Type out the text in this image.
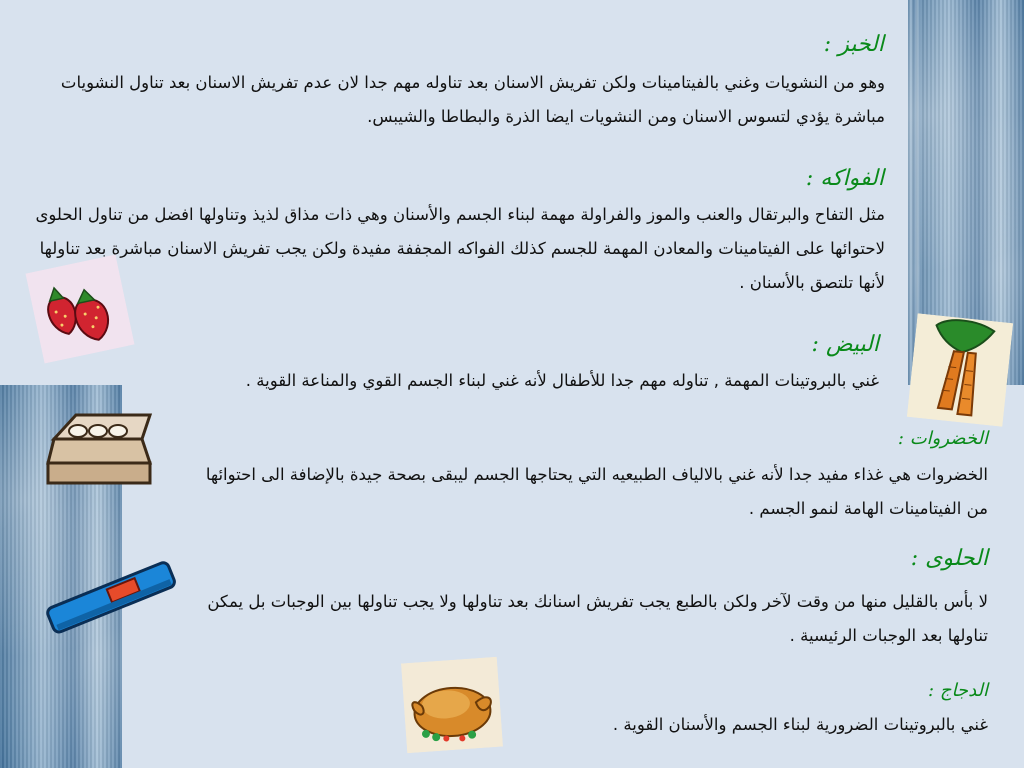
الخبز :
وهو من النشويات وغني بالفيتامينات ولكن تفريش الاسنان بعد تناوله مهم جدا لان عدم تفريش الاسنان بعد تناول النشويات مباشرة يؤدي لتسوس الاسنان ومن النشويات ايضا الذرة والبطاطا والشيبس.
الفواكه :
مثل التفاح والبرتقال والعنب والموز والفراولة مهمة لبناء الجسم والأسنان وهي ذات مذاق لذيذ وتناولها افضل من تناول الحلوى لاحتوائها على الفيتامينات والمعادن المهمة للجسم كذلك الفواكه المجففة مفيدة ولكن يجب تفريش الاسنان مباشرة بعد تناولها لأنها تلتصق بالأسنان .
البيض :
غني بالبروتينات المهمة , تناوله مهم جدا للأطفال لأنه غني لبناء الجسم القوي والمناعة القوية .
الخضروات :
الخضروات هي غذاء مفيد جدا لأنه غني بالالياف الطبيعيه التي يحتاجها الجسم ليبقى بصحة جيدة بالإضافة الى احتوائها من الفيتامينات الهامة لنمو الجسم .
الحلوى :
لا بأس بالقليل منها من وقت لآخر ولكن بالطبع يجب تفريش اسنانك بعد تناولها ولا يجب تناولها بين الوجبات بل يمكن تناولها بعد الوجبات الرئيسية .
الدجاج :
غني بالبروتينات الضرورية لبناء الجسم والأسنان القوية .
